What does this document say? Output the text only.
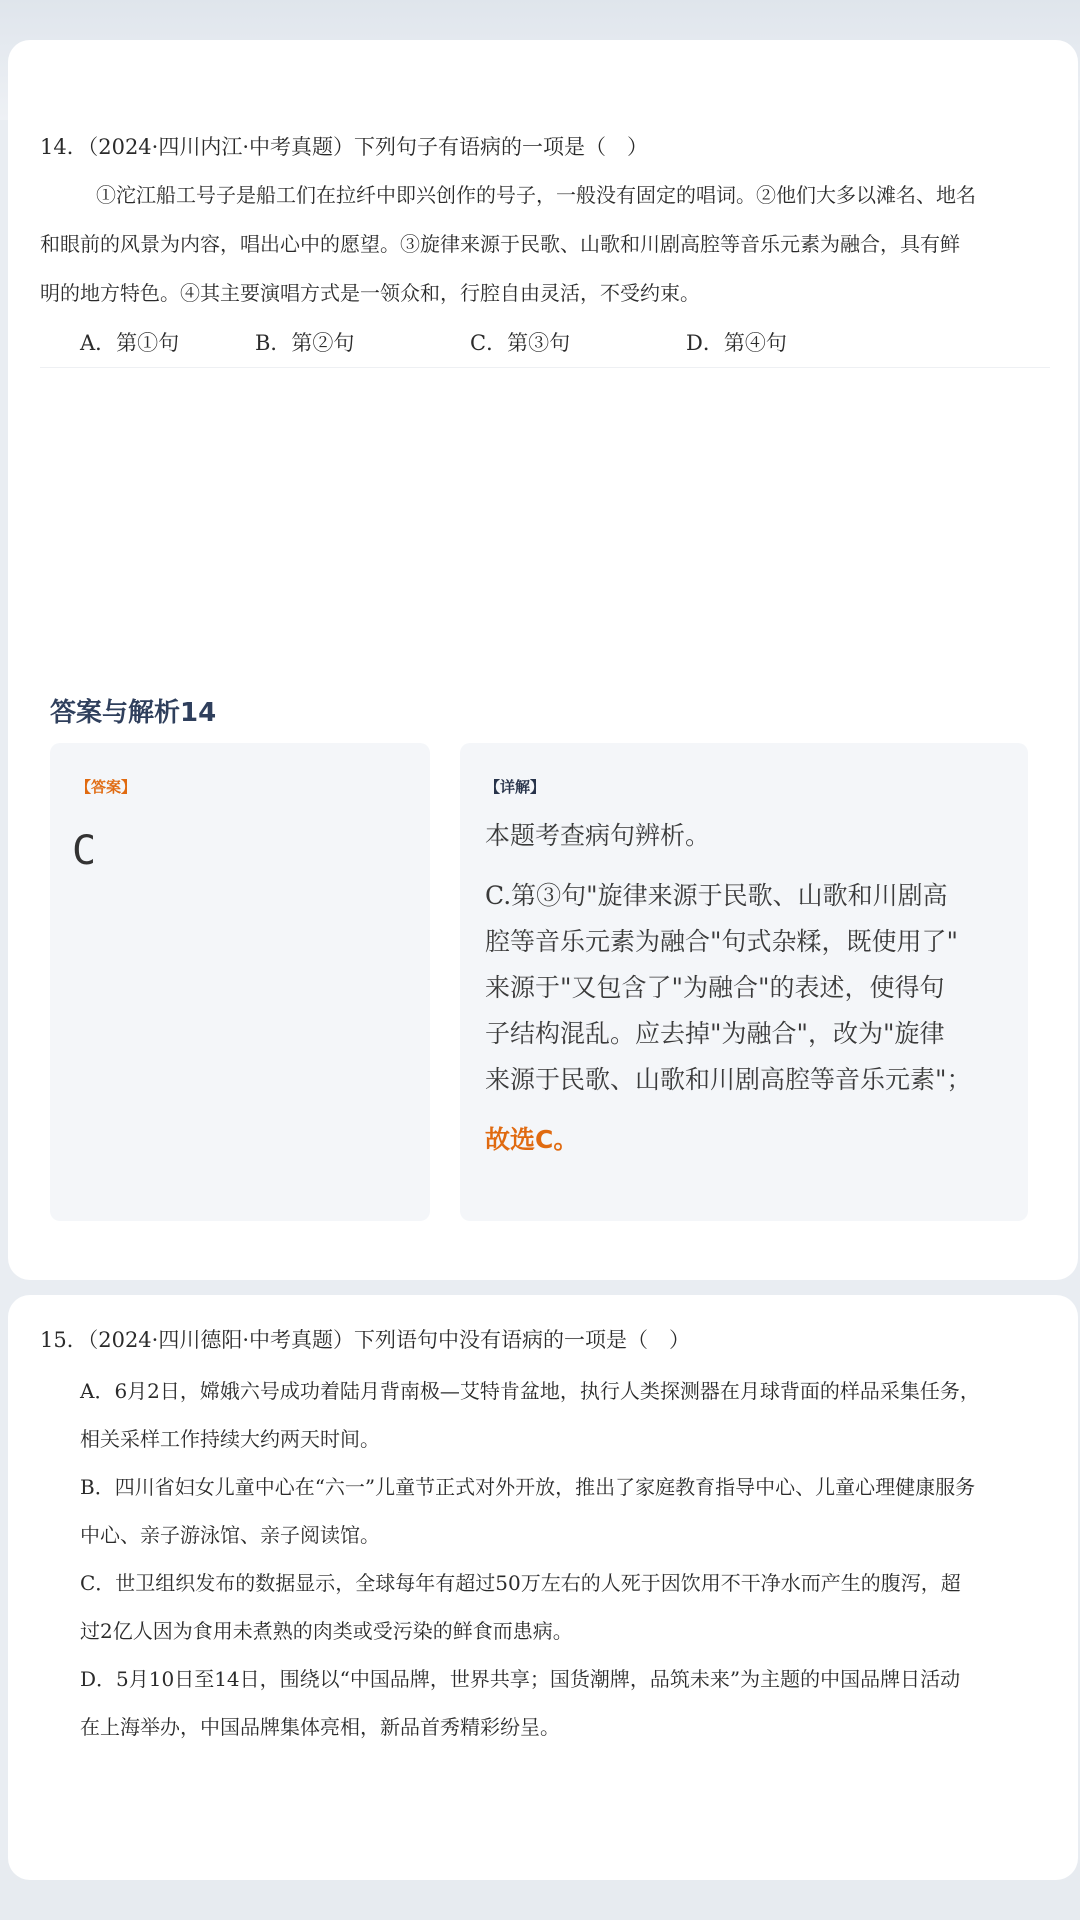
14．（2024·四川内江·中考真题）下列句子有语病的一项是（　）
①沱江船工号子是船工们在拉纤中即兴创作的号子，一般没有固定的唱词。②他们大多以滩名、地名
和眼前的风景为内容，唱出心中的愿望。③旋律来源于民歌、山歌和川剧高腔等音乐元素为融合，具有鲜
明的地方特色。④其主要演唱方式是一领众和，行腔自由灵活，不受约束。
A．第①句	B．第②句	C．第③句	D．第④句
答案与解析14
【答案】
C
【详解】
本题考查病句辨析。
C.第③句"旋律来源于民歌、山歌和川剧高
腔等音乐元素为融合"句式杂糅，既使用了"
来源于"又包含了"为融合"的表述，使得句
子结构混乱。应去掉"为融合"，改为"旋律
来源于民歌、山歌和川剧高腔等音乐元素"；
故选C。
15．（2024·四川德阳·中考真题）下列语句中没有语病的一项是（　）
A．6月2日，嫦娥六号成功着陆月背南极—艾特肯盆地，执行人类探测器在月球背面的样品采集任务，
相关采样工作持续大约两天时间。
B．四川省妇女儿童中心在“六一”儿童节正式对外开放，推出了家庭教育指导中心、儿童心理健康服务
中心、亲子游泳馆、亲子阅读馆。
C．世卫组织发布的数据显示，全球每年有超过50万左右的人死于因饮用不干净水而产生的腹泻，超
过2亿人因为食用未煮熟的肉类或受污染的鲜食而患病。
D．5月10日至14日，围绕以“中国品牌，世界共享；国货潮牌，品筑未来”为主题的中国品牌日活动
在上海举办，中国品牌集体亮相，新品首秀精彩纷呈。
